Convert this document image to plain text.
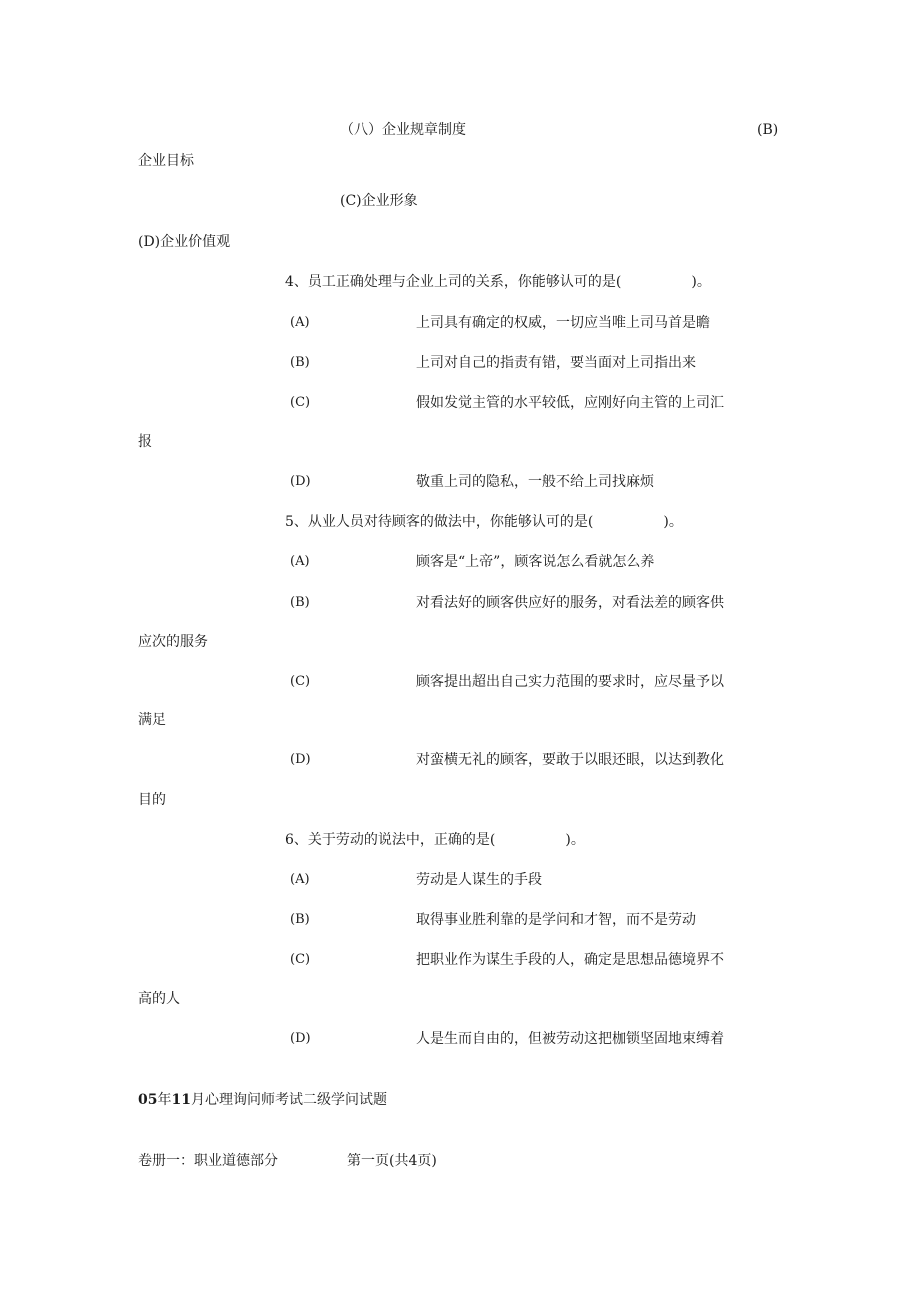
（八）企业规章制度	(B)
企业目标
(C)企业形象
(D)企业价值观
4、员工正确处理与企业上司的关系，你能够认可的是(　　　　　)。
(A)	上司具有确定的权威，一切应当唯上司马首是瞻
(B)	上司对自己的指责有错，要当面对上司指出来
(C)	假如发觉主管的水平较低，应刚好向主管的上司汇
报
(D)	敬重上司的隐私，一般不给上司找麻烦
5、从业人员对待顾客的做法中，你能够认可的是(　　　　　)。
(A)	顾客是“上帝”，顾客说怎么看就怎么养
(B)	对看法好的顾客供应好的服务，对看法差的顾客供
应次的服务
(C)	顾客提出超出自己实力范围的要求时，应尽量予以
满足
(D)	对蛮横无礼的顾客，要敢于以眼还眼，以达到教化
目的
6、关于劳动的说法中，正确的是(　　　　　)。
(A)	劳动是人谋生的手段
(B)	取得事业胜利靠的是学问和才智，而不是劳动
(C)	把职业作为谋生手段的人，确定是思想品德境界不
高的人
(D)	人是生而自由的，但被劳动这把枷锁坚固地束缚着
05年11月心理询问师考试二级学问试题
卷册一：职业道德部分	第一页(共4页)
